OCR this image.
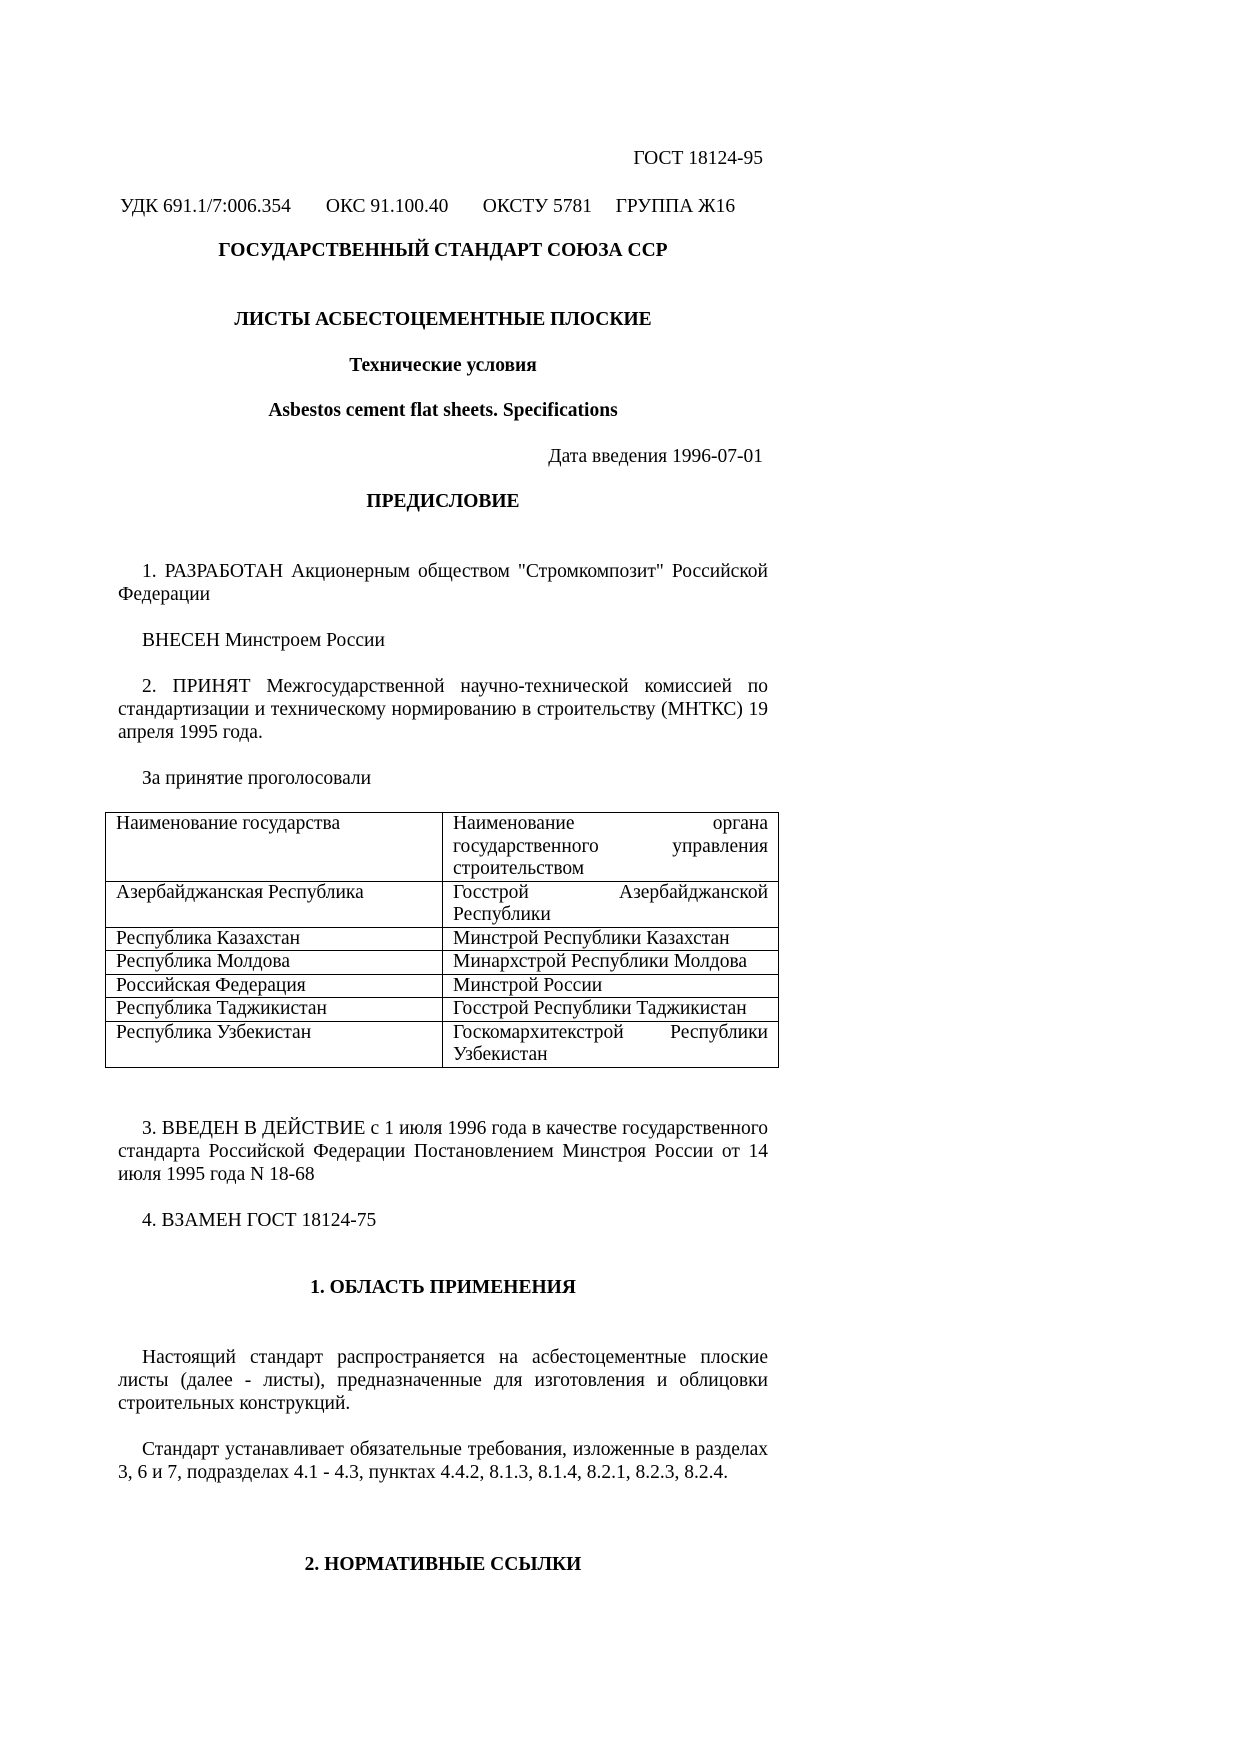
ГОСТ 18124-95
УДК 691.1/7:006.354 ОКС 91.100.40 ОКСТУ 5781 ГРУППА Ж16
ГОСУДАРСТВЕННЫЙ СТАНДАРТ СОЮЗА ССР
ЛИСТЫ АСБЕСТОЦЕМЕНТНЫЕ ПЛОСКИЕ
Технические условия
Asbestos cement flat sheets. Specifications
Дата введения 1996-07-01
ПРЕДИСЛОВИЕ
1. РАЗРАБОТАН Акционерным обществом "Стромкомпозит" Российской Федерации
ВНЕСЕН Минстроем России
2. ПРИНЯТ Межгосударственной научно-технической комиссией по стандартизации и техническому нормированию в строительству (МНТКС) 19 апреля 1995 года.
За принятие проголосовали
Наименование государства	Наименование органа государственного управления строительством
Азербайджанская Республика	Госстрой Азербайджанской Республики
Республика Казахстан	Минстрой Республики Казахстан
Республика Молдова	Минархстрой Республики Молдова
Российская Федерация	Минстрой России
Республика Таджикистан	Госстрой Республики Таджикистан
Республика Узбекистан	Госкомархитекстрой Республики Узбекистан
3. ВВЕДЕН В ДЕЙСТВИЕ с 1 июля 1996 года в качестве государственного стандарта Российской Федерации Постановлением Минстроя России от 14 июля 1995 года N 18-68
4. ВЗАМЕН ГОСТ 18124-75
1. ОБЛАСТЬ ПРИМЕНЕНИЯ
Настоящий стандарт распространяется на асбестоцементные плоские листы (далее - листы), предназначенные для изготовления и облицовки строительных конструкций.
Стандарт устанавливает обязательные требования, изложенные в разделах 3, 6 и 7, подразделах 4.1 - 4.3, пунктах 4.4.2, 8.1.3, 8.1.4, 8.2.1, 8.2.3, 8.2.4.
2. НОРМАТИВНЫЕ ССЫЛКИ
